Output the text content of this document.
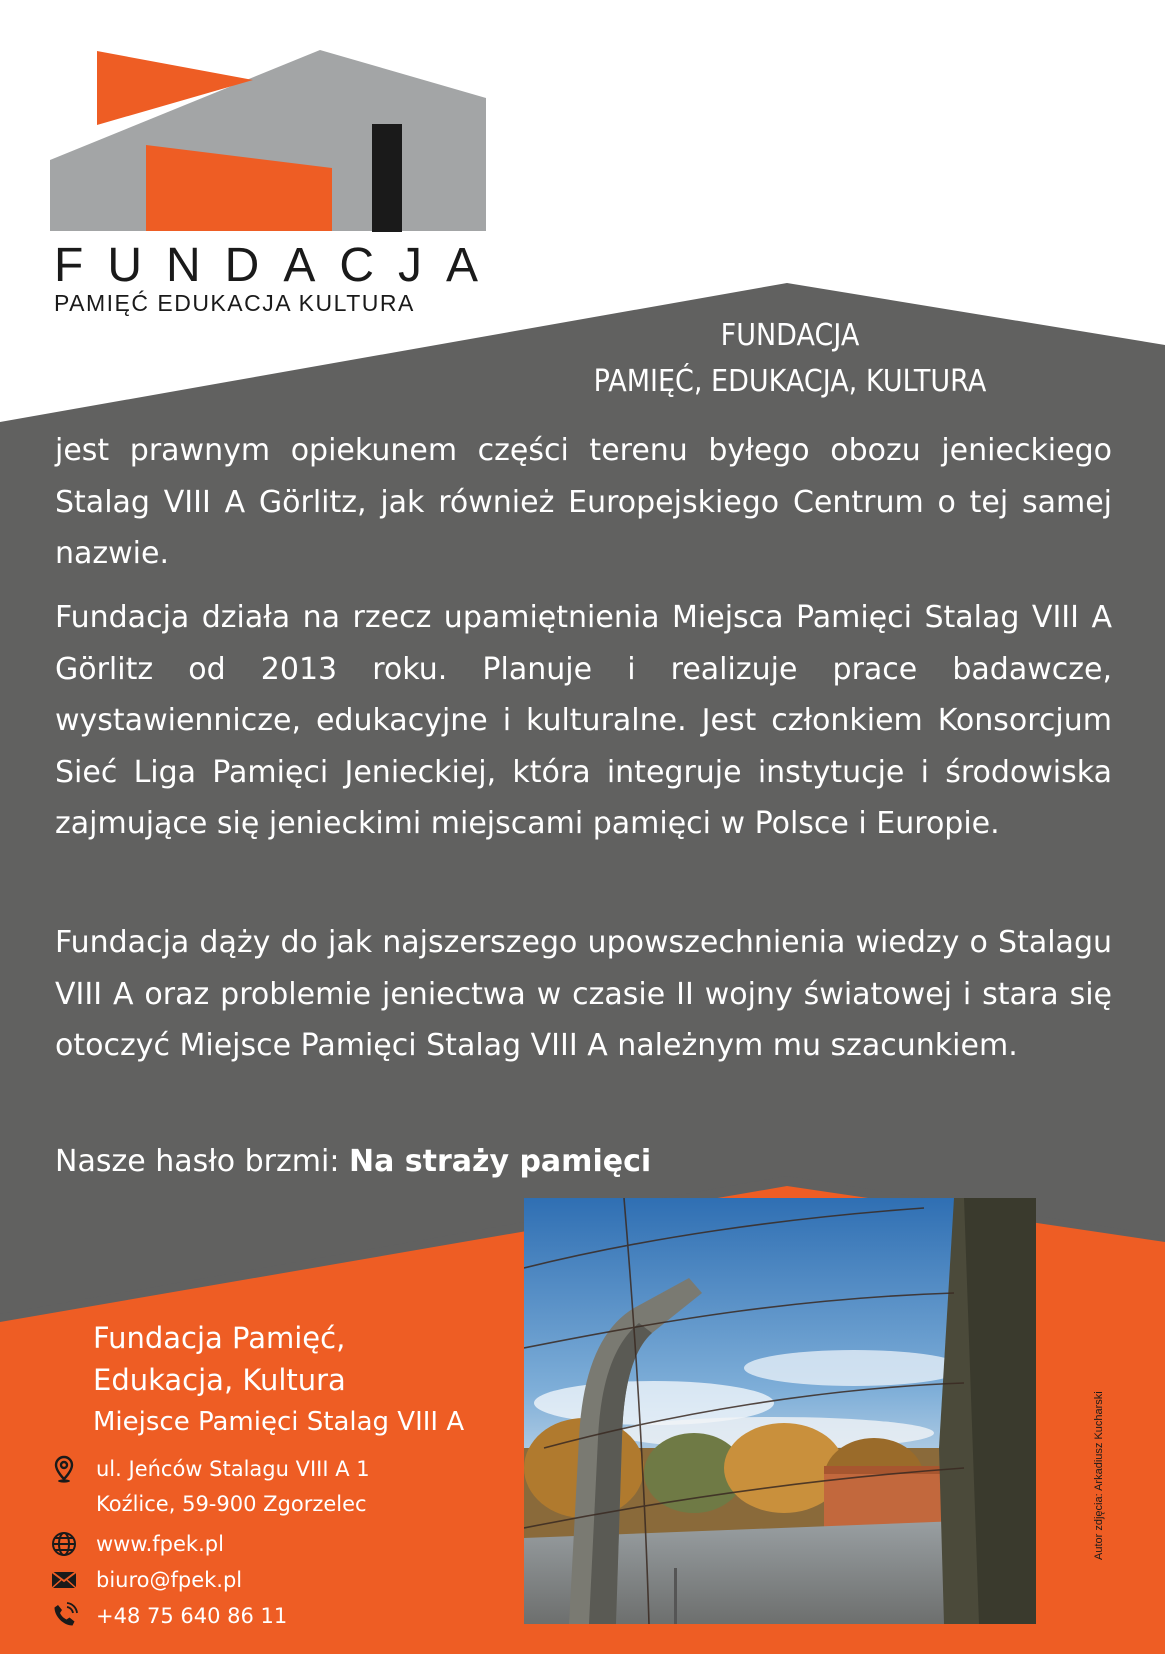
FUNDACJA
PAMIĘĆ EDUKACJA KULTURA
FUNDACJA
PAMIĘĆ, EDUKACJA, KULTURA

jest prawnym opiekunem części terenu byłego obozu jenieckiego Stalag VIII A Görlitz, jak również Europejskiego Centrum o tej samej nazwie.

Fundacja działa na rzecz upamiętnienia Miejsca Pamięci Stalag VIII A Görlitz od 2013 roku. Planuje i realizuje prace badawcze, wystawiennicze, edukacyjne i kulturalne. Jest członkiem Konsorcjum Sieć Liga Pamięci Jenieckiej, która integruje instytucje i środowiska zajmujące się jenieckimi miejscami pamięci w Polsce i Europie.

Fundacja dąży do jak najszerszego upowszechnienia wiedzy o Stalagu VIII A oraz problemie jeniectwa w czasie II wojny światowej i stara się otoczyć Miejsce Pamięci Stalag VIII A należnym mu szacunkiem.

Nasze hasło brzmi: Na straży pamięci
Autor zdjęcia: Arkadiusz Kucharski
Fundacja Pamięć,
Edukacja, Kultura
Miejsce Pamięci Stalag VIII A
ul. Jeńców Stalagu VIII A 1
Koźlice, 59-900 Zgorzelec
www.fpek.pl
biuro@fpek.pl
+48 75 640 86 11
